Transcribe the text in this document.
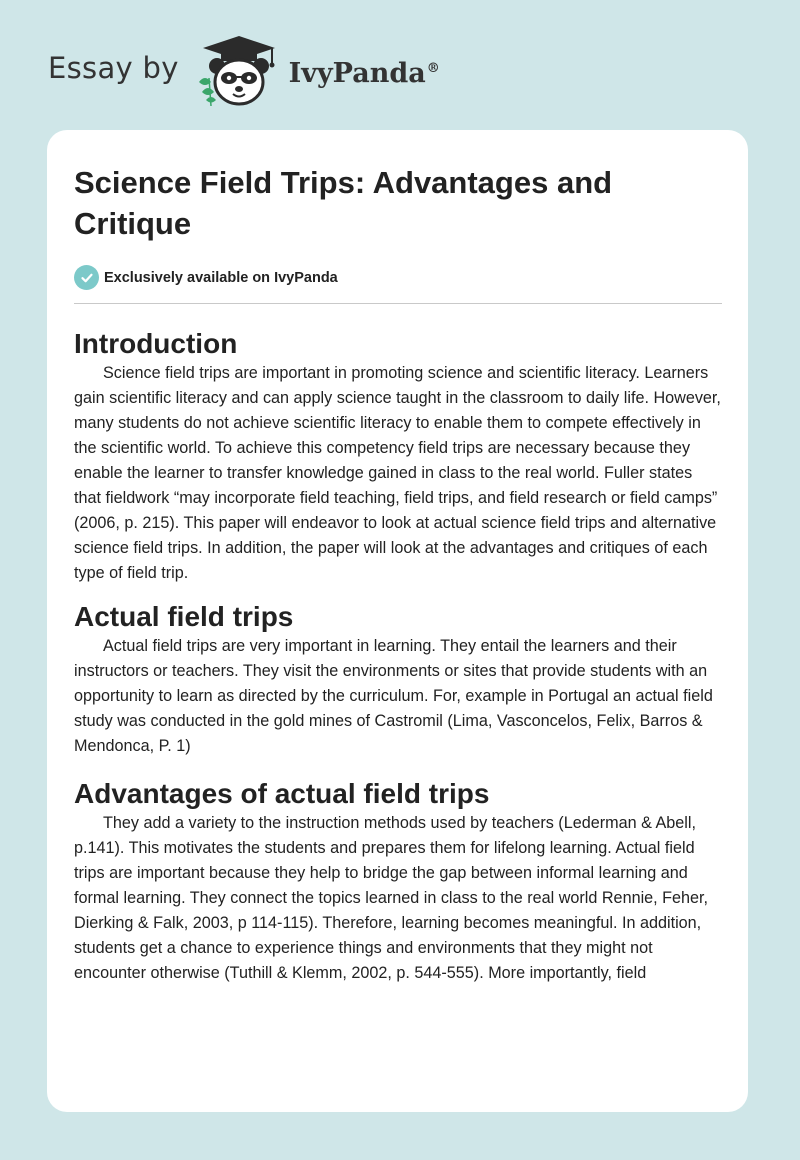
Essay by	IvyPanda®
Science Field Trips: Advantages and Critique
Exclusively available on IvyPanda
Introduction

Science field trips are important in promoting science and scientific literacy. Learners gain scientific literacy and can apply science taught in the classroom to daily life. However, many students do not achieve scientific literacy to enable them to compete effectively in the scientific world. To achieve this competency field trips are necessary because they enable the learner to transfer knowledge gained in class to the real world. Fuller states that fieldwork “may incorporate field teaching, field trips, and field research or field camps” (2006, p. 215). This paper will endeavor to look at actual science field trips and alternative science field trips. In addition, the paper will look at the advantages and critiques of each type of field trip.

Actual field trips

Actual field trips are very important in learning. They entail the learners and their instructors or teachers. They visit the environments or sites that provide students with an opportunity to learn as directed by the curriculum. For, example in Portugal an actual field study was conducted in the gold mines of Castromil (Lima, Vasconcelos, Felix, Barros & Mendonca, P. 1)

Advantages of actual field trips

They add a variety to the instruction methods used by teachers (Lederman & Abell, p.141). This motivates the students and prepares them for lifelong learning. Actual field trips are important because they help to bridge the gap between informal learning and formal learning. They connect the topics learned in class to the real world Rennie, Feher, Dierking & Falk, 2003, p 114-115). Therefore, learning becomes meaningful. In addition, students get a chance to experience things and environments that they might not encounter otherwise (Tuthill & Klemm, 2002, p. 544-555). More importantly, field
